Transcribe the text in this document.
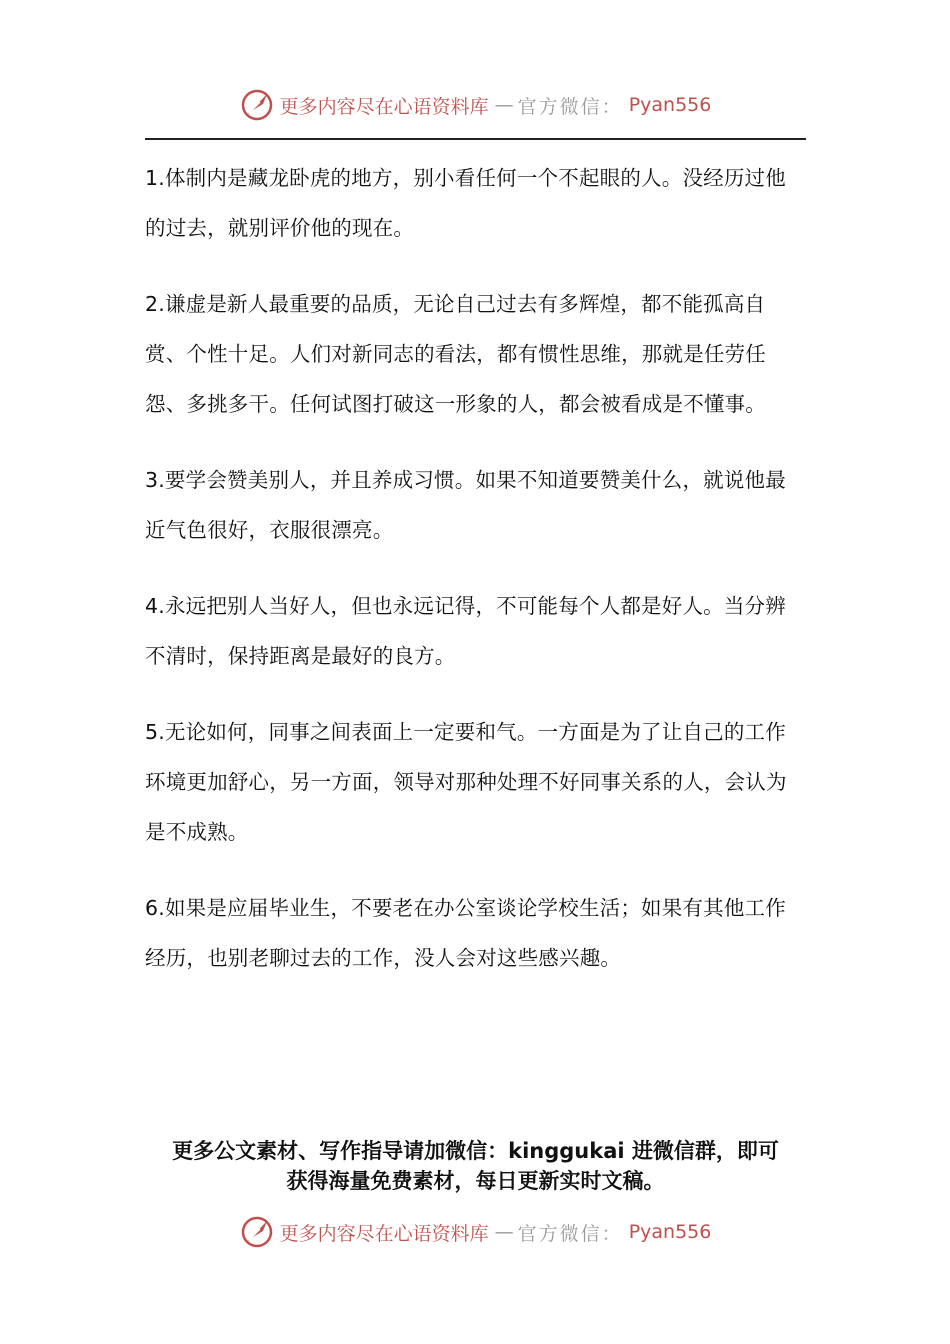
更多内容尽在心语资料库 — 官方微信： Pyan556

1.体制内是藏龙卧虎的地方，别小看任何一个不起眼的人。没经历过他的过去，就别评价他的现在。

2.谦虚是新人最重要的品质，无论自己过去有多辉煌，都不能孤高自赏、个性十足。人们对新同志的看法，都有惯性思维，那就是任劳任怨、多挑多干。任何试图打破这一形象的人，都会被看成是不懂事。

3.要学会赞美别人，并且养成习惯。如果不知道要赞美什么，就说他最近气色很好，衣服很漂亮。

4.永远把别人当好人，但也永远记得，不可能每个人都是好人。当分辨不清时，保持距离是最好的良方。

5.无论如何，同事之间表面上一定要和气。一方面是为了让自己的工作环境更加舒心，另一方面，领导对那种处理不好同事关系的人，会认为是不成熟。

6.如果是应届毕业生，不要老在办公室谈论学校生活；如果有其他工作经历，也别老聊过去的工作，没人会对这些感兴趣。

更多公文素材、写作指导请加微信：kinggukai 进微信群，即可
获得海量免费素材，每日更新实时文稿。
更多内容尽在心语资料库 — 官方微信： Pyan556
